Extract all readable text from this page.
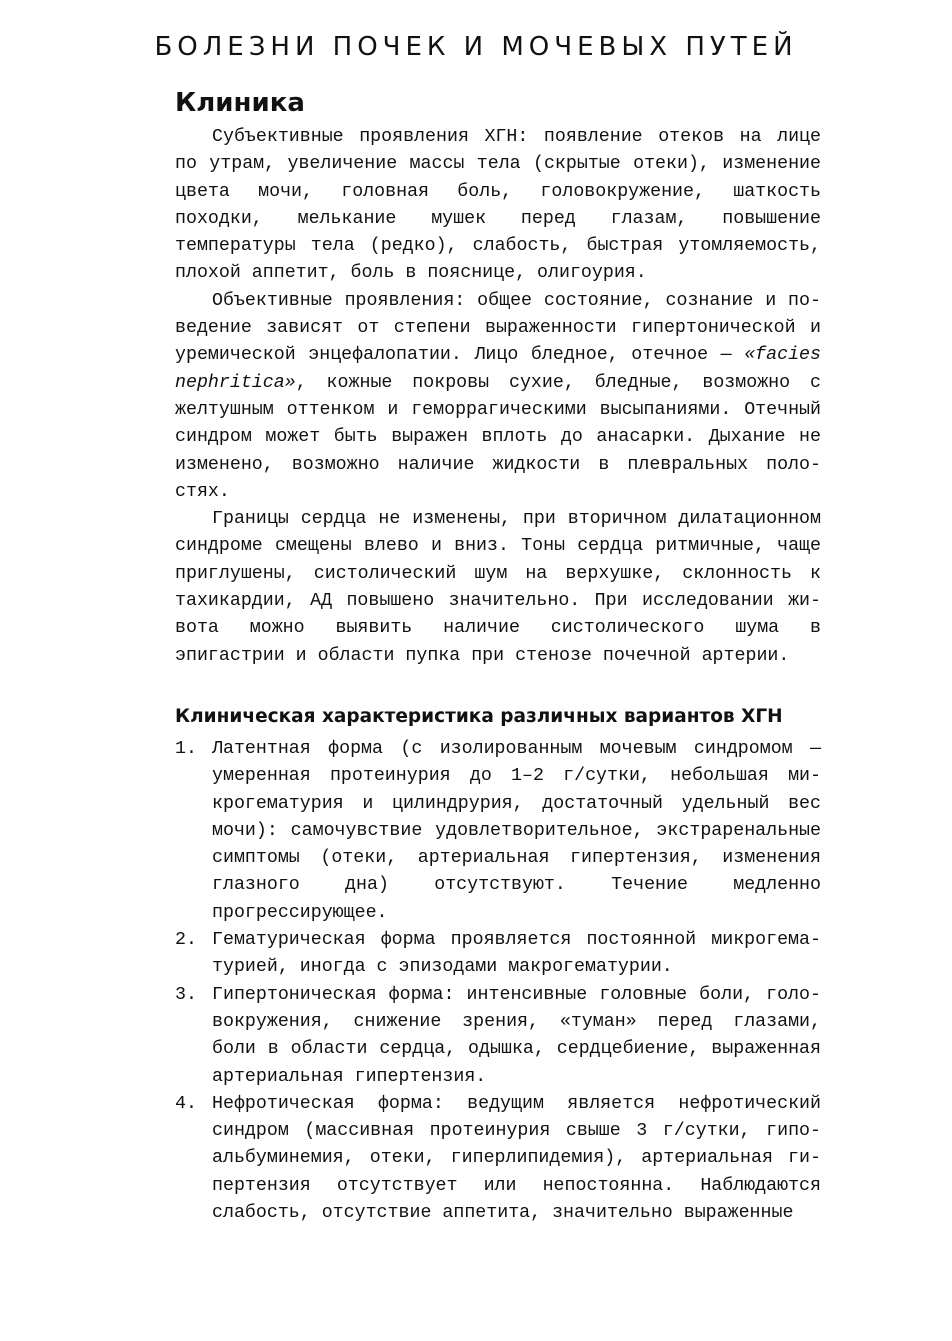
БОЛЕЗНИ ПОЧЕК И МОЧЕВЫХ ПУТЕЙ
Клиника

Субъективные проявления ХГН: появление отеков на лице по утрам, увеличение массы тела (скрытые отеки), изменение цвета мочи, головная боль, головокружение, шаткость походки, мелькание мушек перед глазам, повышение температуры тела (редко), слабость, быстрая утомляемость, плохой аппетит, боль в пояснице, олигоурия.

Объективные проявления: общее состояние, сознание и поведение зависят от степени выраженности гипертонической и уремической энцефалопатии. Лицо бледное, отечное — «facies nephritica», кожные покровы сухие, бледные, возможно с желтушным оттенком и геморрагическими высыпаниями. Отечный синдром может быть выражен вплоть до анасарки. Дыхание не изменено, возможно наличие жидкости в плевральных полостях.

Границы сердца не изменены, при вторичном дилатационном синдроме смещены влево и вниз. Тоны сердца ритмичные, чаще приглушены, систолический шум на верхушке, склонность к тахикардии, АД повышено значительно. При исследовании живота можно выявить наличие систолического шума в эпигастрии и области пупка при стенозе почечной артерии.

Клиническая характеристика различных вариантов ХГН
1. Латентная форма (с изолированным мочевым синдромом — умеренная протеинурия до 1–2 г/сутки, небольшая микрогематурия и цилиндрурия, достаточный удельный вес мочи): самочувствие удовлетворительное, экстраренальные симптомы (отеки, артериальная гипертензия, изменения глазного дна) отсутствуют. Течение медленно прогрессирующее.
2. Гематурическая форма проявляется постоянной микрогематурией, иногда с эпизодами макрогематурии.
3. Гипертоническая форма: интенсивные головные боли, головокружения, снижение зрения, «туман» перед глазами, боли в области сердца, одышка, сердцебиение, выраженная артериальная гипертензия.
4. Нефротическая форма: ведущим является нефротический синдром (массивная протеинурия свыше 3 г/сутки, гипоальбуминемия, отеки, гиперлипидемия), артериальная гипертензия отсутствует или непостоянна. Наблюдаются слабость, отсутствие аппетита, значительно выраженные
